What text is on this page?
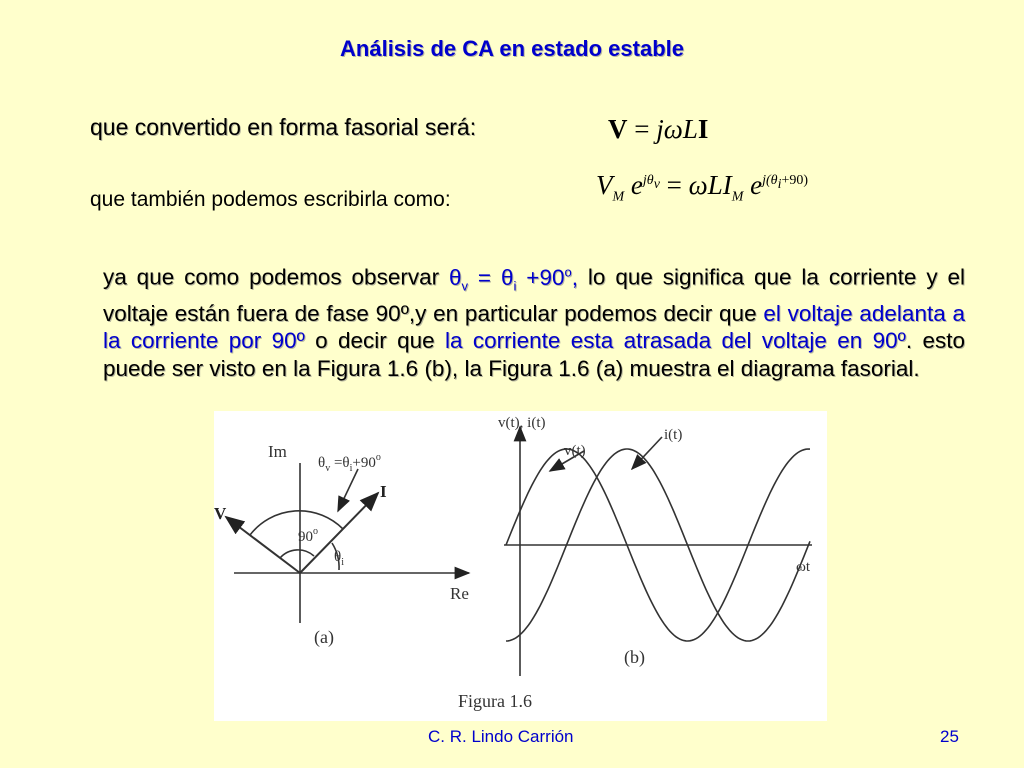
Análisis de CA en estado estable
que convertido en forma fasorial será:	V = jωLI
que también podemos escribirla como:	$V_M$ $e^{j\theta_v} = \omega LI_M$ $e^{j(\theta_i+90)}$
ya que como podemos observar $\theta_v = \theta_i +90^o$, lo que significa que la corriente y el voltaje están fuera de fase 90º,y en particular podemos decir que el voltaje adelanta a la corriente por 90º o decir que la corriente esta atrasada del voltaje en 90º. esto puede ser visto en la Figura 1.6 (b), la Figura 1.6 (a) muestra el diagrama fasorial.
Im
Re
V
I
90$^o$
$\theta_i$
$\theta_v =\theta_i+90^o$
(a)
v(t), i(t)
v(t)
i(t)
ωt
(b)
Figura 1.6
C. R. Lindo Carrión	25
